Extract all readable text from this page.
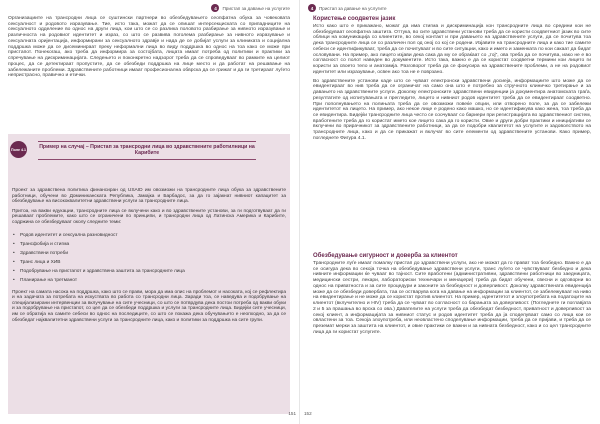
4	Пристап за давање на услугите

Организациите на трансродни лица се суштински партнери во обезбедувањето сеопфатна обука за човековата сексуалност и родовото изразување. Тие, исто така, можат да се опишат интерсекциската со припадниците на сексуалното одделение во однос на други лица, кои што се со разлика половото разбирање за нивното изразување и различноста на родовиот идентитет и израз, со што се развива поголема разбирање за нивното изразување и сексуалната оријентација, информирани за сексуалното здравје и нада де се добијат услуги за клиниката и социјална поддршка може да се дисеминираат преку неформални лица во виду поддршка во однос на тоа како се може при пристапот. Понекогаш, ако треба да информира за состојбата, лицата имаат потреба од политики и практики за спречување на дискриминацијата. Следењето и поконкретно надзорот треба да се спроведуваат во рамките на целиот процес, да се детектираат пропустите, да се обезбеди поддршка на лице место и да работат на решавање на забележаните проблеми. Здравствените работници имаат професионална обврска да се грижат и да ги третираат луѓето непристрасно, правично и етички.

Поле 4.1	Пример на случај – Пристап за трансродни лица во здравствените работилници на Карибите

Проект за здравствена политика финансиран од USAID им овозможи на трансродните лица обука за здравствените работници, обучени во Доминиканската Република, Јамајка и Барбадос, за да го зајакнат нивниот капацитет за обезбедување на висококвалитетни здравствени услуги за трансродните лица.

Притоа, на вакви едукации, трансродните лица се вклучени како и во здравствените установи, за ги подготвуваат да ги решаваат проблемите, како што се ограничени по принципи, и трансродни лица од Латинска Америка и Карибите, содржина се обезбедуваат околу следните теми:

• Родов идентитет и сексуална разновидност
• Трансфобија и стигма
• Здравствени потреби
• Транс лица и ХИВ
• Подобрување на пристапот и здравствена заштита за трансродните лица
• Планирање на третманот

Проект на самата насока на поддршка, како што се прави, мора да има опис на проблемот и насоката, кој се рефлектира и на задачата за потребата на искуствата во работа со трансродни лица. Заради тоа, се наведува и подобрување на специјализирани интервенции за вклучување на сите учесници, со што се потврдува дека постои потреба од вакви обуки и за подобрување на пристапот, со цел да се обезбеди поддршка и услуги за трансродните лица. Бидејќи сите учесници, им се обратија на самите себеси во однос на последиците, со што се покажа дека обучувањето е неопходно, за да се обезбедат најквалитетни здравствени услуги за трансродните лица, како и политики за поддршка на сите групи.

151
4	Пристап за давање на услугите
Користење соодветен јазик

Исто како што е прикажано, можат да има стигма и дискриминација кон трансродните лица во средини кои не обезбедуваат сеопфатна заштита. Оттука, во сите здравствени установи треба да се користи соодветниот јазик во сите облици на комуникација со клиентите, во секој контакт и при давањето на здравствените услуги, да се почитува тоа дека трансродните лица се со различен пол од оној со кој се родени. Изјавите на трансродните лица и како тие самите себеси се идентификуваат, треба да се почитуваат и во сите ситуации, како и името и заменката по кои сакаат да бидат ословувани. На пример, ако лицето изјави дека сака да му се обраќаат со „тој“, ова треба да се почитува, иако не е во согласност со полот наведен во документите. Исто така, важно е да се користат соодветни термини кои лицето ги користи за своето тело и анатомија. Разговорот треба да се фокусира на здравствените проблеми, а не на родовиот идентитет или изразување, освен ако тоа не е поврзано.

Во здравствените установи каде што се чуваат електронски здравствени досиеја, информациите што може да се евидентираат во нив треба да се ограничат на само она што е потребно за стручното клиничко третирање и за давањето на здравствените услуги. Доколку електронските здравствени евиденции ја документира анатомската граѓа, резултатите од испитувањата и прегледите, лицето и нивниот родов идентитет треба да се евидентираат соодветно. При пополнувањето на полињата треба да се овозможи повеќе опции, или отворено поле, за да се забележи идентитетот на лицето. На пример, ако некое лице е родено како машко, но се идентификува како жена, тоа треба да се евидентира. Бидејќи трансродните лица често се соочуваат со бариери при регистрацијата во здравствениот систем, вработените треба да го користат името кое лицето сака да го користи. Овие и други добри практики и иницијативи се вклучени во прирачникот за здравствените работници, за да се подобри квалитетот на услугите и задоволството на трансродните лица, како и да се прикажат и вклучат во сите елементи од здравствените установи. Како пример, погледнете Фигура 4.1.

Обезбедување сигурност и доверба за клиентот

Трансродните луѓе имаат помалку пристап до здравствени услуги, ако не можат да го прават тоа безбедно. Важно е да се осигура дека во секоја точка на обезбедување здравствени услуги, транс луѓето се чувствуваат безбедно и дека нивните информации ќе чуваат во тајност. Сите вработени (административни, здравствени работници во заедницата, медицински сестри, лекари, лабораториски техничари и менаџери) треба да бидат обучени, свесни и одговорни во однос на приватноста и за сите процедури и законите за безбедност и доверливост. Доколку здравствената евиденција може да се обезбеди довербата, таа се остварува кога на давање на информации за клиентот, се забележуваат на ниво на евидентирање и не може да се користат против клиентот. На пример, идентитетот и злоупотребата на податоците на клиентот (вклучително и HIV) треба да се чуваат во согласност со барањата за доверливост. (Погледнете ги поглавјата 2 и 5 за прашања во врска со ова.) Давателите на услуги треба да обезбедат безбедност, приватност и доверливост за секој клиент, а информацијата за нивниот статус и родов идентитет треба да ја споделуваат само со лица кои се овластени за тоа. Секоја злоупотреба, или неовластено споделување информации, треба да се пријави, и треба да се преземат мерки за заштита на клиентот, и овие практики се важни и за нивната безбедност, како и со цел трансродните лица да ги користат услугите.

152
